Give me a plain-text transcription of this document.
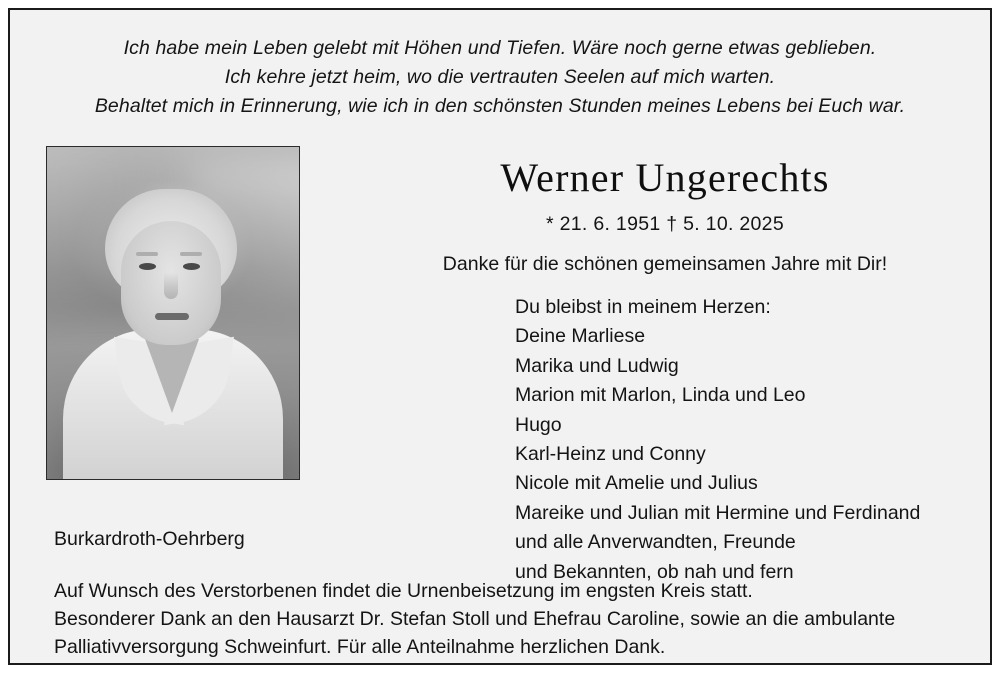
Ich habe mein Leben gelebt mit Höhen und Tiefen. Wäre noch gerne etwas geblieben.
Ich kehre jetzt heim, wo die vertrauten Seelen auf mich warten.
Behaltet mich in Erinnerung, wie ich in den schönsten Stunden meines Lebens bei Euch war.
Werner Ungerechts
* 21. 6. 1951 † 5. 10. 2025
Danke für die schönen gemeinsamen Jahre mit Dir!
Du bleibst in meinem Herzen:
Deine Marliese
Marika und Ludwig
Marion mit Marlon, Linda und Leo
Hugo
Karl-Heinz und Conny
Nicole mit Amelie und Julius
Mareike und Julian mit Hermine und Ferdinand
und alle Anverwandten, Freunde
und Bekannten, ob nah und fern
Burkardroth-Oehrberg
Auf Wunsch des Verstorbenen findet die Urnenbeisetzung im engsten Kreis statt.
Besonderer Dank an den Hausarzt Dr. Stefan Stoll und Ehefrau Caroline, sowie an die ambulante
Palliativversorgung Schweinfurt. Für alle Anteilnahme herzlichen Dank.
